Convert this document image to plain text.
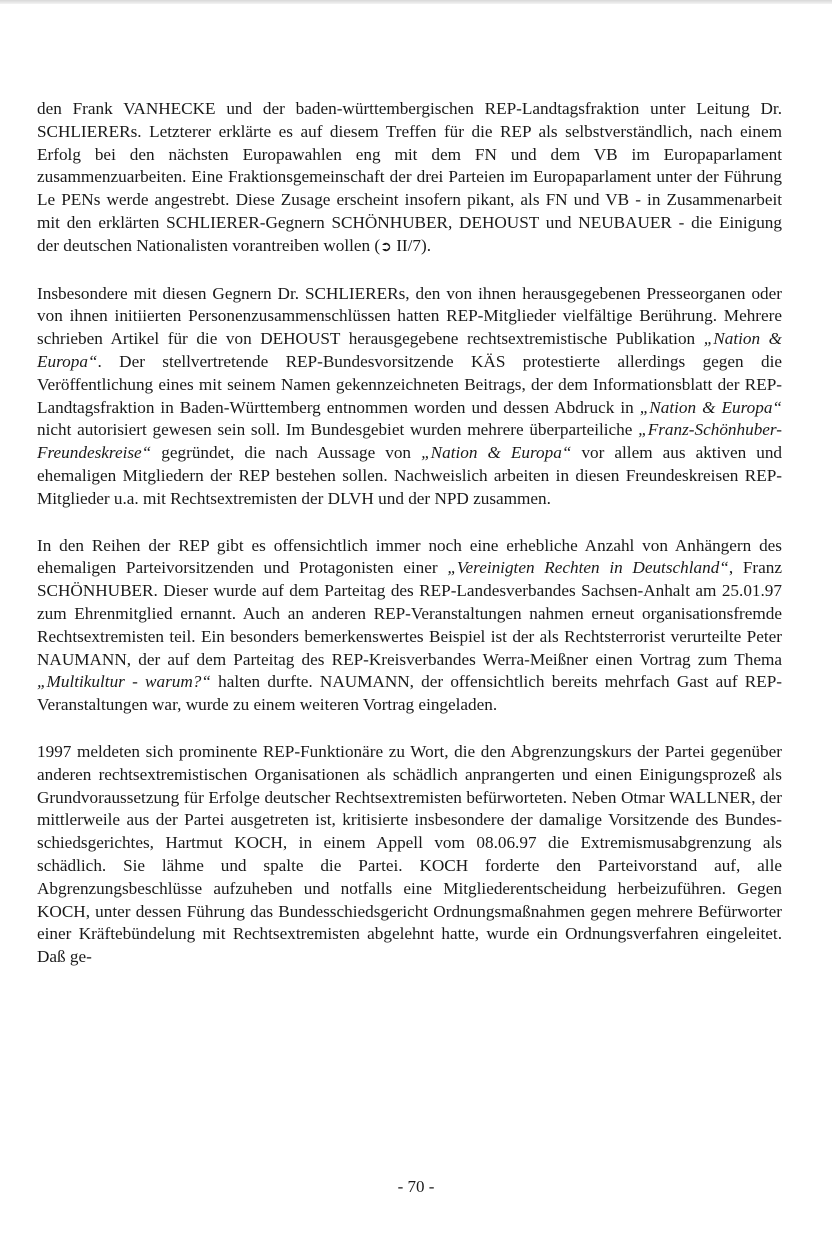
den Frank VANHECKE und der baden-württembergischen REP-Landtagsfraktion unter Leitung Dr. SCHLIERERs. Letzterer erklärte es auf diesem Treffen für die REP als selbstverständlich, nach einem Erfolg bei den nächsten Europawahlen eng mit dem FN und dem VB im Europaparlament zusammenzuarbeiten. Eine Fraktionsgemeinschaft der drei Parteien im Europaparlament unter der Führung Le PENs werde angestrebt. Diese Zusage erscheint insofern pikant, als FN und VB - in Zusammenarbeit mit den erklärten SCHLIERER-Gegnern SCHÖNHUBER, DEHOUST und NEUBAUER - die Einigung der deutschen Nationalisten vorantreiben wollen (➲ II/7).

Insbesondere mit diesen Gegnern Dr. SCHLIERERs, den von ihnen herausgegebenen Presseorganen oder von ihnen initiierten Personenzusammenschlüssen hatten REP-Mitglieder vielfältige Berührung. Mehrere schrieben Artikel für die von DEHOUST herausgegebene rechtsextremistische Publikation „Nation & Europa“. Der stellvertretende REP-Bundesvorsitzende KÄS protestierte allerdings gegen die Veröffentlichung eines mit seinem Namen gekennzeichneten Beitrags, der dem Informationsblatt der REP-Landtagsfraktion in Baden-Württemberg entnommen worden und dessen Abdruck in „Nation & Europa“ nicht autorisiert gewesen sein soll. Im Bundesgebiet wurden mehrere überparteiliche „Franz-Schönhuber-Freundeskreise“ gegründet, die nach Aussage von „Nation & Europa“ vor allem aus aktiven und ehemaligen Mitgliedern der REP bestehen sollen. Nachweislich arbeiten in diesen Freundeskreisen REP-Mitglieder u.a. mit Rechtsextremisten der DLVH und der NPD zusammen.

In den Reihen der REP gibt es offensichtlich immer noch eine erhebliche Anzahl von Anhängern des ehemaligen Parteivorsitzenden und Protagonisten einer „Vereinigten Rechten in Deutschland“, Franz SCHÖNHUBER. Dieser wurde auf dem Parteitag des REP-Landesverbandes Sachsen-Anhalt am 25.01.97 zum Ehrenmitglied ernannt. Auch an anderen REP-Veranstaltungen nahmen erneut organisationsfremde Rechtsextremisten teil. Ein besonders bemerkenswertes Beispiel ist der als Rechtsterrorist verurteilte Peter NAUMANN, der auf dem Parteitag des REP-Kreisverbandes Werra-Meißner einen Vortrag zum Thema „Multikultur - warum?“ halten durfte. NAUMANN, der offensichtlich bereits mehrfach Gast auf REP-Veranstaltungen war, wurde zu einem weiteren Vortrag eingeladen.

1997 meldeten sich prominente REP-Funktionäre zu Wort, die den Abgrenzungskurs der Partei gegenüber anderen rechtsextremistischen Organisationen als schädlich anprangerten und einen Einigungsprozeß als Grundvoraussetzung für Erfolge deutscher Rechtsextremisten befürworteten. Neben Otmar WALLNER, der mittlerweile aus der Partei ausgetreten ist, kritisierte insbesondere der damalige Vorsitzende des Bundesschiedsgerichtes, Hartmut KOCH, in einem Appell vom 08.06.97 die Extremismusabgrenzung als schädlich. Sie lähme und spalte die Partei. KOCH forderte den Parteivorstand auf, alle Abgrenzungsbeschlüsse aufzuheben und notfalls eine Mitgliederentscheidung herbeizuführen. Gegen KOCH, unter dessen Führung das Bundesschiedsgericht Ordnungsmaßnahmen gegen mehrere Befürworter einer Kräftebündelung mit Rechtsextremisten abgelehnt hatte, wurde ein Ordnungsverfahren eingeleitet. Daß ge-

- 70 -
